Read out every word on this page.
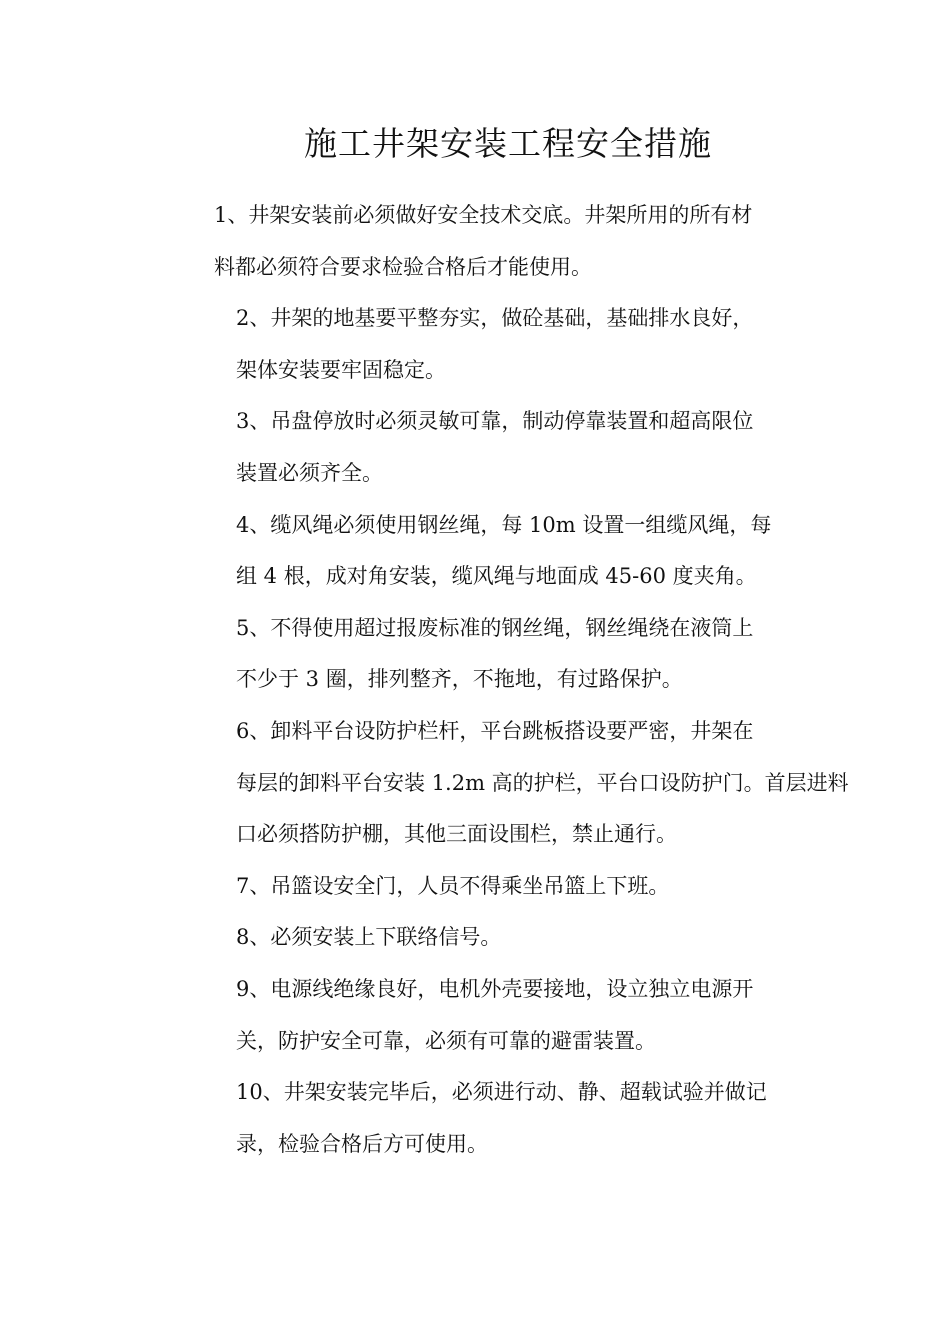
施工井架安装工程安全措施

1、井架安装前必须做好安全技术交底。井架所用的所有材
料都必须符合要求检验合格后才能使用。

2、井架的地基要平整夯实，做砼基础，基础排水良好，
架体安装要牢固稳定。

3、吊盘停放时必须灵敏可靠，制动停靠装置和超高限位
装置必须齐全。

4、缆风绳必须使用钢丝绳，每 10m 设置一组缆风绳，每
组 4 根，成对角安装，缆风绳与地面成 45-60 度夹角。

5、不得使用超过报废标准的钢丝绳，钢丝绳绕在液筒上
不少于 3 圈，排列整齐，不拖地，有过路保护。

6、卸料平台设防护栏杆，平台跳板搭设要严密，井架在
每层的卸料平台安装 1.2m 高的护栏，平台口设防护门。首层进料
口必须搭防护棚，其他三面设围栏，禁止通行。

7、吊篮设安全门，人员不得乘坐吊篮上下班。

8、必须安装上下联络信号。

9、电源线绝缘良好，电机外壳要接地，设立独立电源开
关，防护安全可靠，必须有可靠的避雷装置。

10、井架安装完毕后，必须进行动、静、超载试验并做记
录，检验合格后方可使用。
